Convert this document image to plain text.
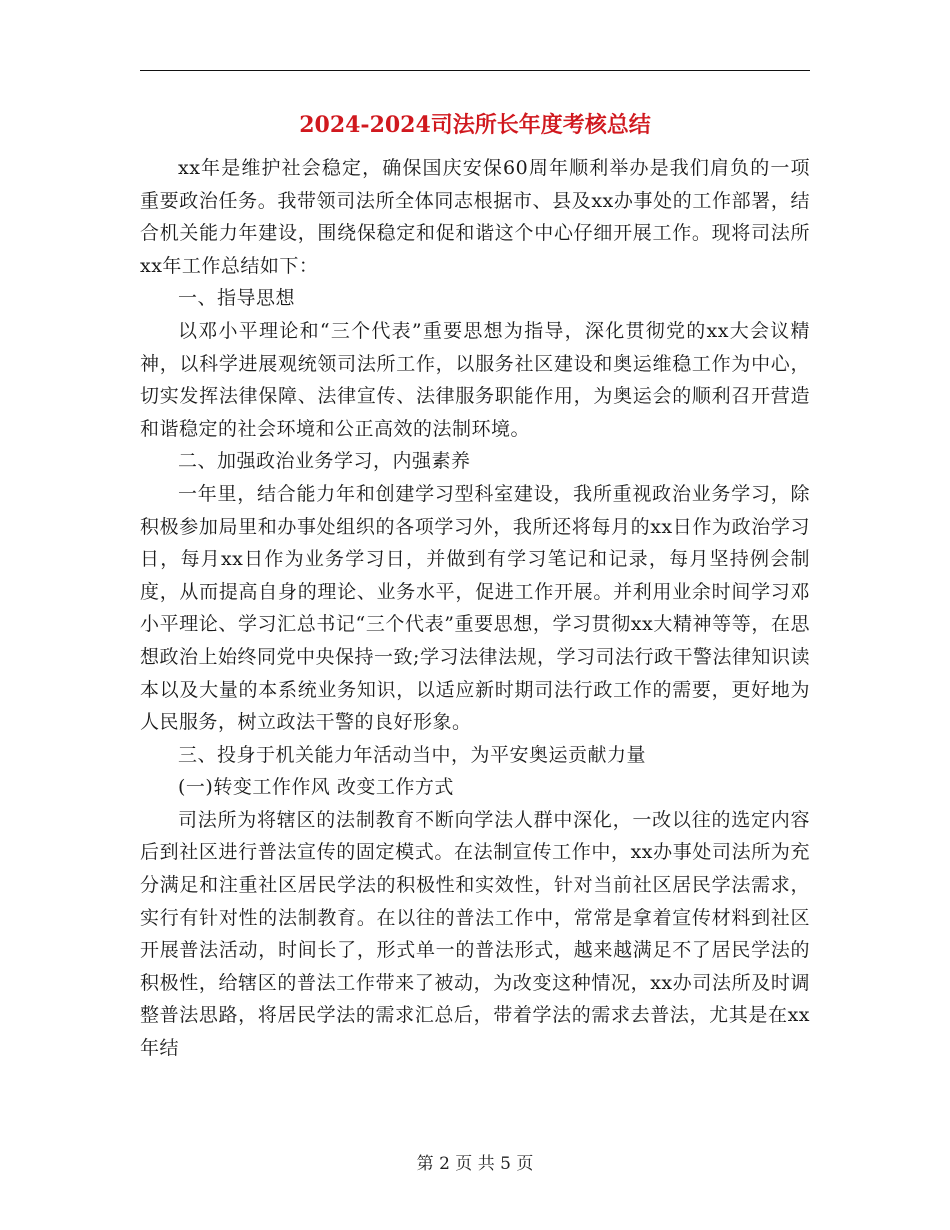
2024-2024司法所长年度考核总结

xx年是维护社会稳定，确保国庆安保60周年顺利举办是我们肩负的一项重要政治任务。我带领司法所全体同志根据市、县及xx办事处的工作部署，结合机关能力年建设，围绕保稳定和促和谐这个中心仔细开展工作。现将司法所xx年工作总结如下：

一、指导思想

以邓小平理论和“三个代表”重要思想为指导，深化贯彻党的xx大会议精神，以科学进展观统领司法所工作，以服务社区建设和奥运维稳工作为中心，切实发挥法律保障、法律宣传、法律服务职能作用，为奥运会的顺利召开营造和谐稳定的社会环境和公正高效的法制环境。

二、加强政治业务学习，内强素养

一年里，结合能力年和创建学习型科室建设，我所重视政治业务学习，除积极参加局里和办事处组织的各项学习外，我所还将每月的xx日作为政治学习日，每月xx日作为业务学习日，并做到有学习笔记和记录，每月坚持例会制度，从而提高自身的理论、业务水平，促进工作开展。并利用业余时间学习邓小平理论、学习汇总书记“三个代表”重要思想，学习贯彻xx大精神等等，在思想政治上始终同党中央保持一致;学习法律法规，学习司法行政干警法律知识读本以及大量的本系统业务知识，以适应新时期司法行政工作的需要，更好地为人民服务，树立政法干警的良好形象。

三、投身于机关能力年活动当中，为平安奥运贡献力量

(一)转变工作作风 改变工作方式

司法所为将辖区的法制教育不断向学法人群中深化，一改以往的选定内容后到社区进行普法宣传的固定模式。在法制宣传工作中，xx办事处司法所为充分满足和注重社区居民学法的积极性和实效性，针对当前社区居民学法需求，实行有针对性的法制教育。在以往的普法工作中，常常是拿着宣传材料到社区开展普法活动，时间长了，形式单一的普法形式，越来越满足不了居民学法的积极性，给辖区的普法工作带来了被动，为改变这种情况，xx办司法所及时调整普法思路，将居民学法的需求汇总后，带着学法的需求去普法，尤其是在xx年结

第 2 页 共 5 页
